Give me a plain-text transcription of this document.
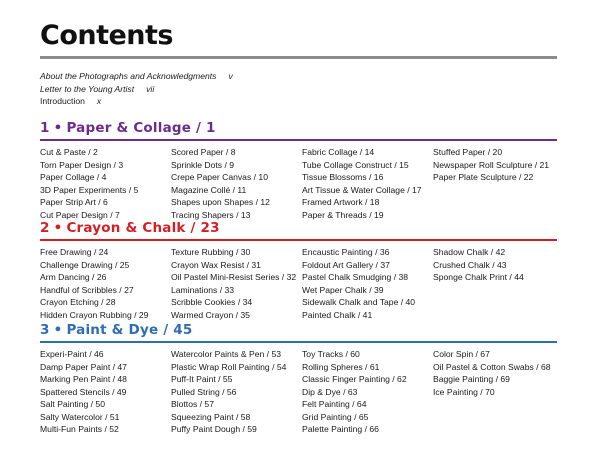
Contents
About the Photographs and Acknowledgments v
Letter to the Young Artist vii
Introduction x
1 • Paper & Collage / 1
Cut & Paste / 2
Torn Paper Design / 3
Paper Collage / 4
3D Paper Experiments / 5
Paper Strip Art / 6
Cut Paper Design / 7
Scored Paper / 8
Sprinkle Dots / 9
Crepe Paper Canvas / 10
Magazine Collé / 11
Shapes upon Shapes / 12
Tracing Shapers / 13
Fabric Collage / 14
Tube Collage Construct / 15
Tissue Blossoms / 16
Art Tissue & Water Collage / 17
Framed Artwork / 18
Paper & Threads / 19
Stuffed Paper / 20
Newspaper Roll Sculpture / 21
Paper Plate Sculpture / 22
2 • Crayon & Chalk / 23
Free Drawing / 24
Challenge Drawing / 25
Arm Dancing / 26
Handful of Scribbles / 27
Crayon Etching / 28
Hidden Crayon Rubbing / 29
Texture Rubbing / 30
Crayon Wax Resist / 31
Oil Pastel Mini-Resist Series / 32
Laminations / 33
Scribble Cookies / 34
Warmed Crayon / 35
Encaustic Painting / 36
Foldout Art Gallery / 37
Pastel Chalk Smudging / 38
Wet Paper Chalk / 39
Sidewalk Chalk and Tape / 40
Painted Chalk / 41
Shadow Chalk / 42
Crushed Chalk / 43
Sponge Chalk Print / 44
3 • Paint & Dye / 45
Experi-Paint / 46
Damp Paper Paint / 47
Marking Pen Paint / 48
Spattered Stencils / 49
Salt Painting / 50
Salty Watercolor / 51
Multi-Fun Paints / 52
Watercolor Paints & Pen / 53
Plastic Wrap Roll Painting / 54
Puff-It Paint / 55
Pulled String / 56
Blottos / 57
Squeezing Paint / 58
Puffy Paint Dough / 59
Toy Tracks / 60
Rolling Spheres / 61
Classic Finger Painting / 62
Dip & Dye / 63
Felt Painting / 64
Grid Painting / 65
Palette Painting / 66
Color Spin / 67
Oil Pastel & Cotton Swabs / 68
Baggie Painting / 69
Ice Painting / 70
